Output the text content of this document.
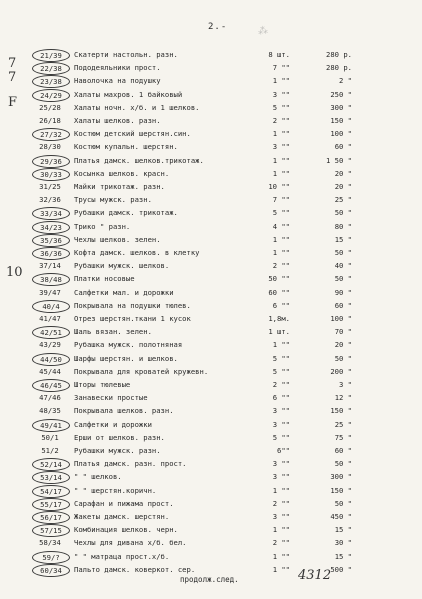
2.-	⁂
7
7
F
10
21/39	Скатерти настольн. разн.	8 шт.	280 р.
22/38	Пододеяльники прост.	7 ""	280 р.
23/38	Наволочка на подушку	1 ""	2 "
24/29	Халаты махров. 1 байковый	3 ""	250 "
25/28	Халаты ночн. х/б. и 1 шелков.	5 ""	300 "
26/18	Халаты шелков. разн.	2 ""	150 "
27/32	Костюм детский шерстян.син.	1 ""	100 "
28/30	Костюм купальн. шерстян.	3 ""	60 "
29/36	Платья дамск. шелков.трикотаж.	1 ""	1 50 "
30/33	Косынка шелков. красн.	1 ""	20 "
31/25	Майки трикотаж. разн.	10 ""	20 "
32/36	Трусы мужск. разн.	7 ""	25 "
33/34	Рубашки дамск. трикотаж.	5 ""	50 "
34/23	Трико " разн.	4 ""	80 "
35/36	Чехлы шелков. зелен.	1 ""	15 "
36/36	Кофта дамск. шелков. в клетку	1 ""	50 "
37/14	Рубашки мужск. шелков.	2 ""	40 "
38/48	Платки носовые	50 ""	50 "
39/47	Салфетки мал. и дорожки	60 ""	90 "
40/4	Покрывала на подушки тюлев.	6 ""	60 "
41/47	Отрез шерстян.ткани 1 кусок	1,8м.	100 "
42/51	Шаль вязан. зелен.	1 шт.	70 "
43/29	Рубашка мужск. полотняная	1 ""	20 "
44/50	Шарфы шерстян. и шелков.	5 ""	50 "
45/44	Покрывала для кроватей кружевн.	5 ""	200 "
46/45	Шторы тюлевые	2 ""	3 "
47/46	Занавески простые	6 ""	12 "
48/35	Покрывала шелков. разн.	3 ""	150 "
49/41	Салфетки и дорожки	3 ""	25 "
50/1	Ерши от шелков. разн.	5 ""	75 "
51/2	Рубашки мужск. разн.	6""	60 "
52/14	Платья дамск. разн. прост.	3 ""	50 "
53/14	" " шелков.	3 ""	300 "
54/17	" " шерстян.коричн.	1 ""	150 "
55/17	Сарафан и пижама прост.	2 ""	50 "
56/17	Жакеты дамск. шерстян.	3 ""	450 "
57/15	Комбинация шелков. черн.	1 ""	15 "
58/34	Чехлы для дивана х/б. бел.	2 ""	30 "
59/?	" " матраца прост.х/б.	1 ""	15 "
60/34	Пальто дамск. коверкот. сер.	1 ""	500 "
продолж.след.	4312
